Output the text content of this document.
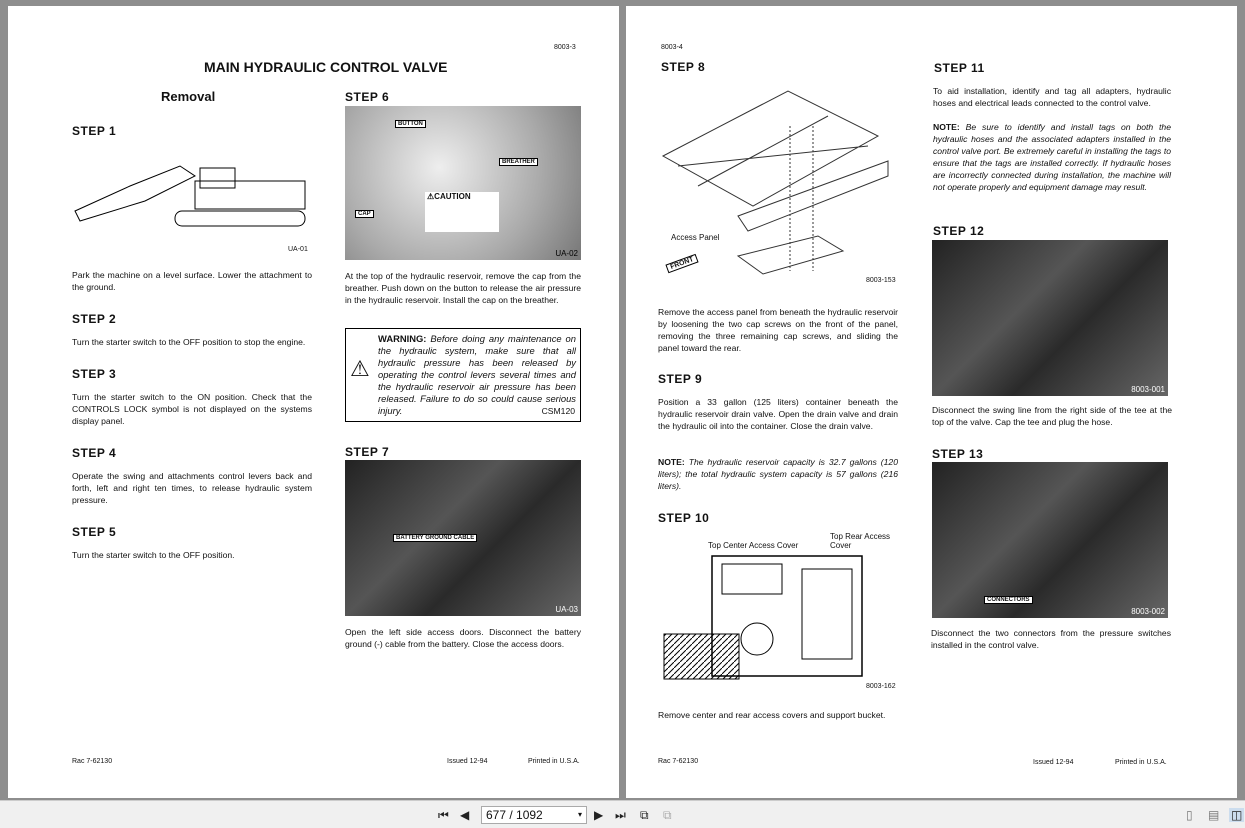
8003-3
MAIN HYDRAULIC CONTROL VALVE
Removal
STEP 1
UA-01
Park the machine on a level surface. Lower the attachment to the ground.
STEP 2
Turn the starter switch to the OFF position to stop the engine.
STEP 3
Turn the starter switch to the ON position. Check that the CONTROLS LOCK symbol is not displayed on the systems display panel.
STEP 4
Operate the swing and attachments control levers back and forth, left and right ten times, to release hydraulic system pressure.
STEP 5
Turn the starter switch to the OFF position.
STEP 6
BUTTON
BREATHER
CAP
⚠CAUTION
UA-02
At the top of the hydraulic reservoir, remove the cap from the breather. Push down on the button to release the air pressure in the hydraulic reservoir. Install the cap on the breather.
⚠
WARNING: Before doing any maintenance on the hydraulic system, make sure that all hydraulic pressure has been released by operating the control levers several times and the hydraulic reservoir air pressure has been released. Failure to do so could cause serious injury.	CSM120
STEP 7
BATTERY GROUND CABLE
UA-03
Open the left side access doors. Disconnect the battery ground (-) cable from the battery. Close the access doors.
Rac 7-62130	Issued 12-94	Printed in U.S.A.
8003-4
STEP 8
Access Panel
FRONT
8003-153
Remove the access panel from beneath the hydraulic reservoir by loosening the two cap screws on the front of the panel, removing the three remaining cap screws, and sliding the panel toward the rear.
STEP 9
Position a 33 gallon (125 liters) container beneath the hydraulic reservoir drain valve. Open the drain valve and drain the hydraulic oil into the container. Close the drain valve.
NOTE: The hydraulic reservoir capacity is 32.7 gallons (120 liters); the total hydraulic system capacity is 57 gallons (216 liters).
STEP 10
Top Center Access Cover
Top Rear Access Cover
8003-162
Remove center and rear access covers and support bucket.
STEP 11
To aid installation, identify and tag all adapters, hydraulic hoses and electrical leads connected to the control valve.
NOTE: Be sure to identify and install tags on both the hydraulic hoses and the associated adapters installed in the control valve port. Be extremely careful in installing the tags to ensure that the tags are installed correctly. If hydraulic hoses are incorrectly connected during installation, the machine will not operate properly and equipment damage may result.
STEP 12
8003-001
Disconnect the swing line from the right side of the tee at the top of the valve. Cap the tee and plug the hose.
STEP 13
CONNECTORS
8003-002
Disconnect the two connectors from the pressure switches installed in the control valve.
Rac 7-62130	Issued 12-94	Printed in U.S.A.
⏮ ◀	677 / 1092	▾ ▶ ⏭ ⧉ ⧉	▯ ▤ ◫
